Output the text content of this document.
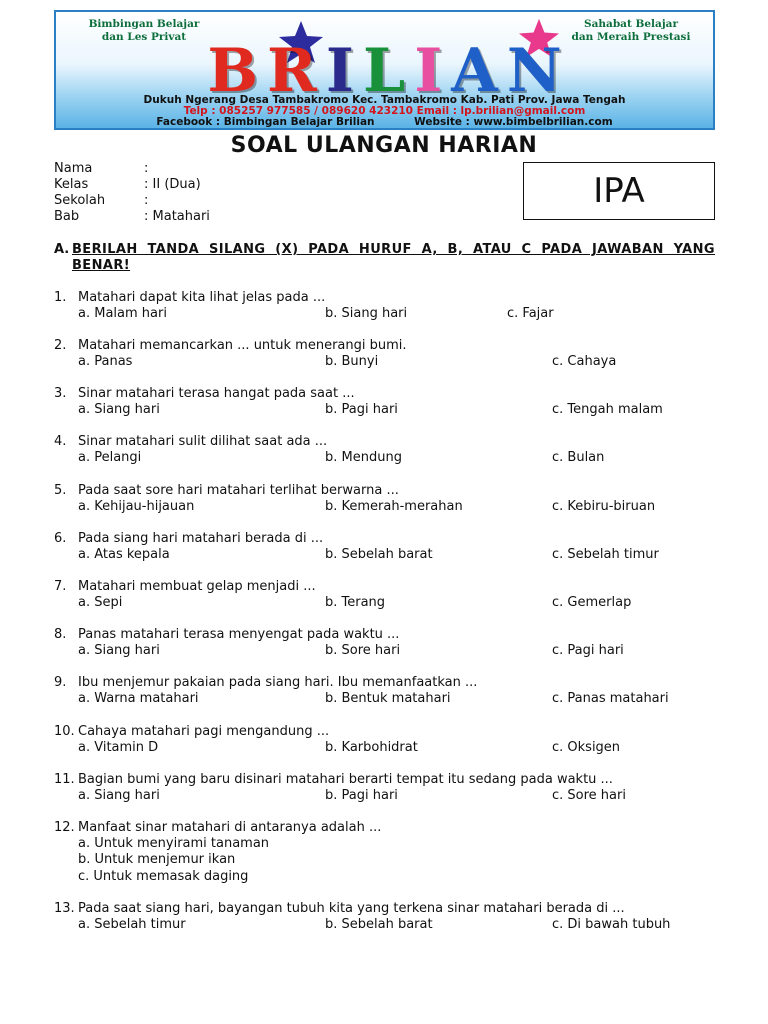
Bimbingan Belajar
dan Les Privat
Sahabat Belajar
dan Meraih Prestasi
B R I L I A N
Dukuh Ngerang Desa Tambakromo Kec. Tambakromo Kab. Pati Prov. Jawa Tengah
Telp : 085257 977585 / 089620 423210 Email : lp.brilian@gmail.com
Facebook : Bimbingan Belajar Brilian	Website : www.bimbelbrilian.com
SOAL ULANGAN HARIAN
Nama	:
Kelas	: II (Dua)
Sekolah	:
Bab	: Matahari
IPA
A. BERILAH TANDA SILANG (X) PADA HURUF A, B, ATAU C PADA JAWABAN YANG BENAR!
1. Matahari dapat kita lihat jelas pada ...
a. Malam hari	b. Siang hari	c. Fajar
2. Matahari memancarkan ... untuk menerangi bumi.
a. Panas	b. Bunyi	c. Cahaya
3. Sinar matahari terasa hangat pada saat ...
a. Siang hari	b. Pagi hari	c. Tengah malam
4. Sinar matahari sulit dilihat saat ada ...
a. Pelangi	b. Mendung	c. Bulan
5. Pada saat sore hari matahari terlihat berwarna ...
a. Kehijau-hijauan	b. Kemerah-merahan	c. Kebiru-biruan
6. Pada siang hari matahari berada di ...
a. Atas kepala	b. Sebelah barat	c. Sebelah timur
7. Matahari membuat gelap menjadi ...
a. Sepi	b. Terang	c. Gemerlap
8. Panas matahari terasa menyengat pada waktu ...
a. Siang hari	b. Sore hari	c. Pagi hari
9. Ibu menjemur pakaian pada siang hari. Ibu memanfaatkan ...
a. Warna matahari	b. Bentuk matahari	c. Panas matahari
10. Cahaya matahari pagi mengandung ...
a. Vitamin D	b. Karbohidrat	c. Oksigen
11. Bagian bumi yang baru disinari matahari berarti tempat itu sedang pada waktu ...
a. Siang hari	b. Pagi hari	c. Sore hari
12. Manfaat sinar matahari di antaranya adalah ...
a. Untuk menyirami tanaman
b. Untuk menjemur ikan
c. Untuk memasak daging
13. Pada saat siang hari, bayangan tubuh kita yang terkena sinar matahari berada di ...
a. Sebelah timur	b. Sebelah barat	c. Di bawah tubuh
